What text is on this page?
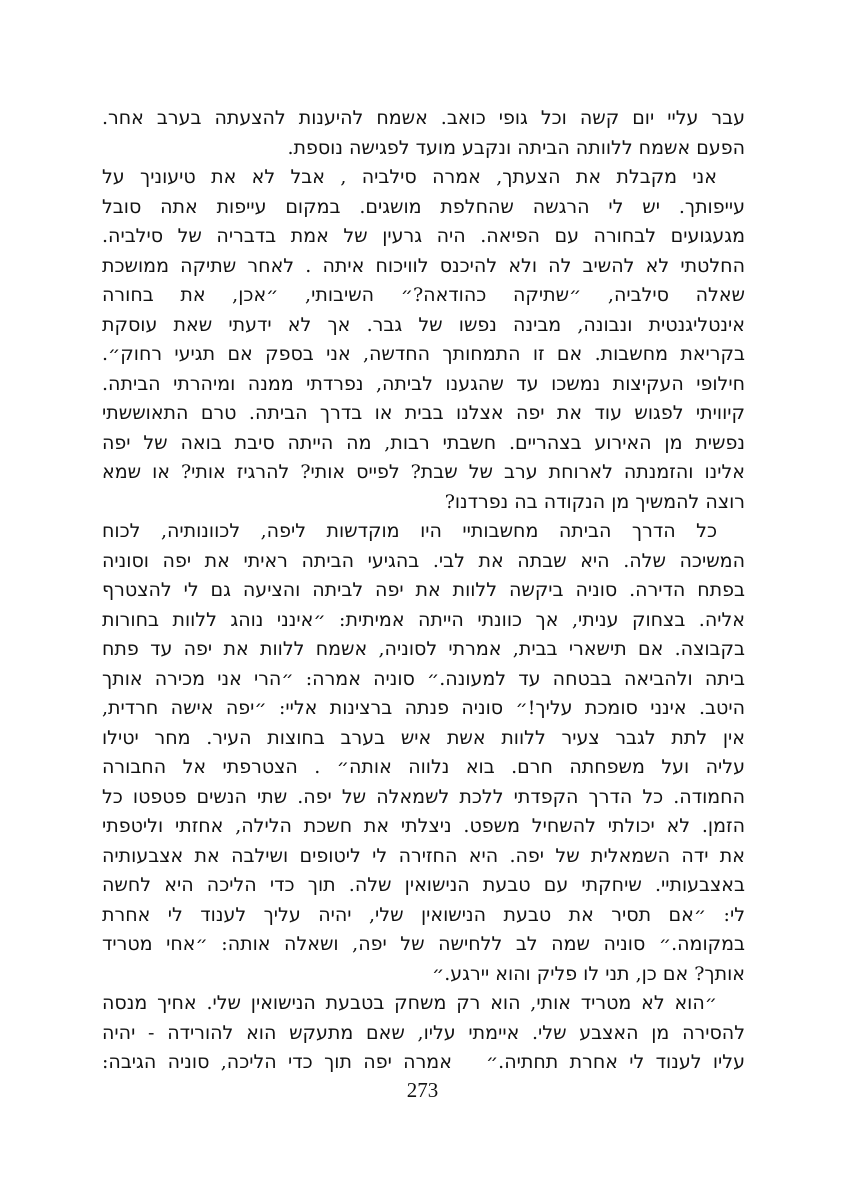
עבר עליי יום קשה וכל גופי כואב. אשמח להיענות להצעתה בערב אחר.
הפעם אשמח ללוותה הביתה ונקבע מועד לפגישה נוספת.
אני מקבלת את הצעתך, אמרה סילביה , אבל לא את טיעוניך על
עייפותך. יש לי הרגשה שהחלפת מושגים. במקום עייפות אתה סובל
מגעגועים לבחורה עם הפיאה. היה גרעין של אמת בדבריה של סילביה.
החלטתי לא להשיב לה ולא להיכנס לוויכוח איתה . לאחר שתיקה ממושכת
שאלה סילביה, ״שתיקה כהודאה?״ השיבותי, ״אכן, את בחורה
אינטליגנטית ונבונה, מבינה נפשו של גבר. אך לא ידעתי שאת עוסקת
בקריאת מחשבות. אם זו התמחותך החדשה, אני בספק אם תגיעי רחוק״.
חילופי העקיצות נמשכו עד שהגענו לביתה, נפרדתי ממנה ומיהרתי הביתה.
קיוויתי לפגוש עוד את יפה אצלנו בבית או בדרך הביתה. טרם התאוששתי
נפשית מן האירוע בצהריים. חשבתי רבות, מה הייתה סיבת בואה של יפה
אלינו והזמנתה לארוחת ערב של שבת? לפייס אותי? להרגיז אותי? או שמא
רוצה להמשיך מן הנקודה בה נפרדנו?
כל הדרך הביתה מחשבותיי היו מוקדשות ליפה, לכוונותיה, לכוח
המשיכה שלה. היא שבתה את לבי. בהגיעי הביתה ראיתי את יפה וסוניה
בפתח הדירה. סוניה ביקשה ללוות את יפה לביתה והציעה גם לי להצטרף
אליה. בצחוק עניתי, אך כוונתי הייתה אמיתית: ״אינני נוהג ללוות בחורות
בקבוצה. אם תישארי בבית, אמרתי לסוניה, אשמח ללוות את יפה עד פתח
ביתה ולהביאה בבטחה עד למעונה.״ סוניה אמרה: ״הרי אני מכירה אותך
היטב. אינני סומכת עליך!״ סוניה פנתה ברצינות אליי: ״יפה אישה חרדית,
אין לתת לגבר צעיר ללוות אשת איש בערב בחוצות העיר. מחר יטילו
עליה ועל משפחתה חרם. בוא נלווה אותה״ . הצטרפתי אל החבורה
החמודה. כל הדרך הקפדתי ללכת לשמאלה של יפה. שתי הנשים פטפטו כל
הזמן. לא יכולתי להשחיל משפט. ניצלתי את חשכת הלילה, אחזתי וליטפתי
את ידה השמאלית של יפה. היא החזירה לי ליטופים ושילבה את אצבעותיה
באצבעותיי. שיחקתי עם טבעת הנישואין שלה. תוך כדי הליכה היא לחשה
לי: ״אם תסיר את טבעת הנישואין שלי, יהיה עליך לענוד לי אחרת
במקומה.״ סוניה שמה לב ללחישה של יפה, ושאלה אותה: ״אחי מטריד
אותך? אם כן, תני לו פליק והוא יירגע.״
״הוא לא מטריד אותי, הוא רק משחק בטבעת הנישואין שלי. אחיך מנסה
להסירה מן האצבע שלי. איימתי עליו, שאם מתעקש הוא להורידה - יהיה
עליו לענוד לי אחרת תחתיה.״   אמרה יפה תוך כדי הליכה, סוניה הגיבה:
273
